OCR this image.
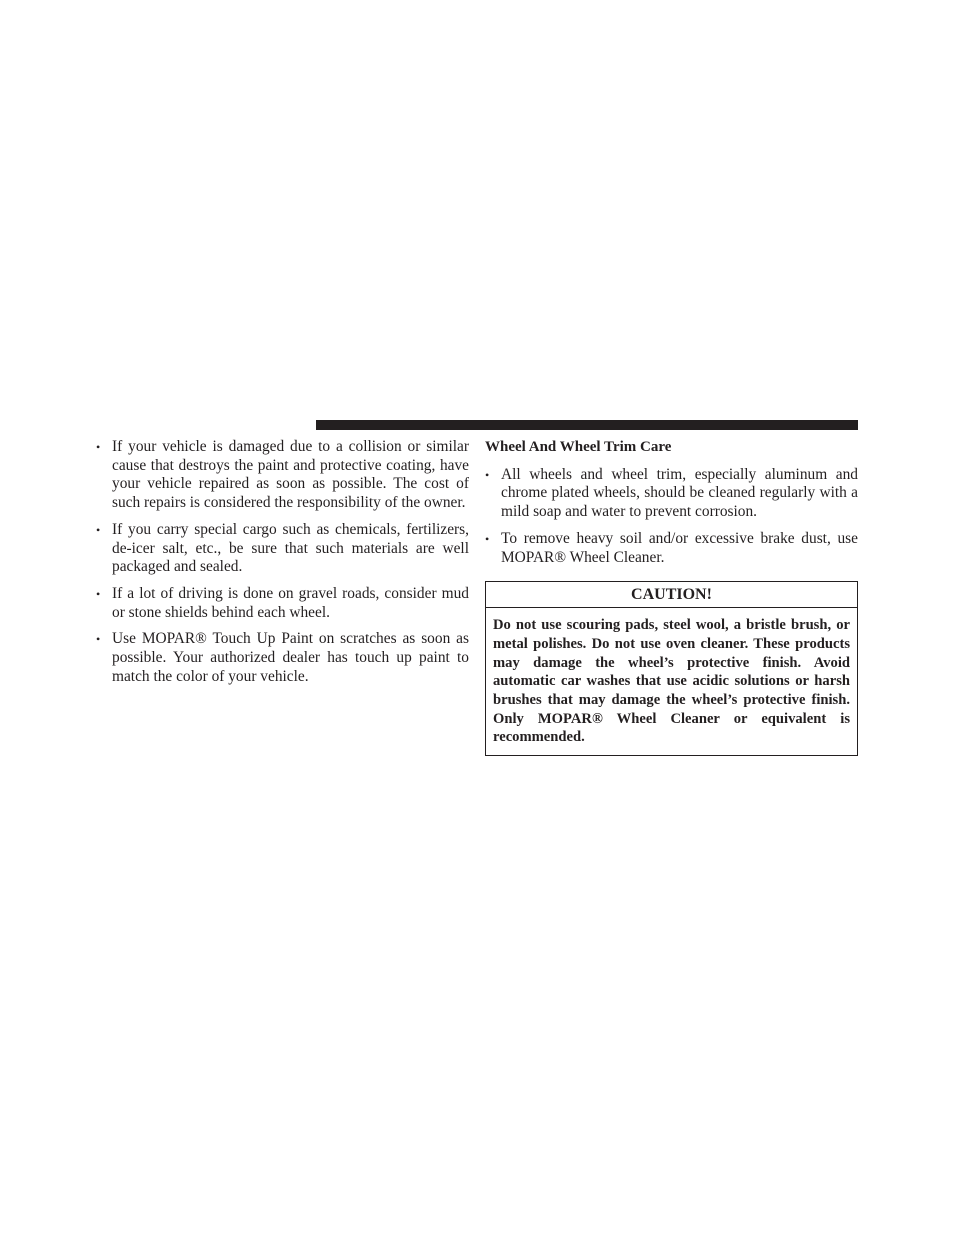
• If your vehicle is damaged due to a collision or similar cause that destroys the paint and protective coating, have your vehicle repaired as soon as possible. The cost of such repairs is considered the responsibility of the owner.
• If you carry special cargo such as chemicals, fertilizers, de-icer salt, etc., be sure that such materials are well packaged and sealed.
• If a lot of driving is done on gravel roads, consider mud or stone shields behind each wheel.
• Use MOPAR® Touch Up Paint on scratches as soon as possible. Your authorized dealer has touch up paint to match the color of your vehicle.
Wheel And Wheel Trim Care
• All wheels and wheel trim, especially aluminum and chrome plated wheels, should be cleaned regularly with a mild soap and water to prevent corrosion.
• To remove heavy soil and/or excessive brake dust, use MOPAR® Wheel Cleaner.
CAUTION!
Do not use scouring pads, steel wool, a bristle brush, or metal polishes. Do not use oven cleaner. These products may damage the wheel’s protective finish. Avoid automatic car washes that use acidic solutions or harsh brushes that may damage the wheel’s protective finish. Only MOPAR® Wheel Cleaner or equivalent is recommended.
